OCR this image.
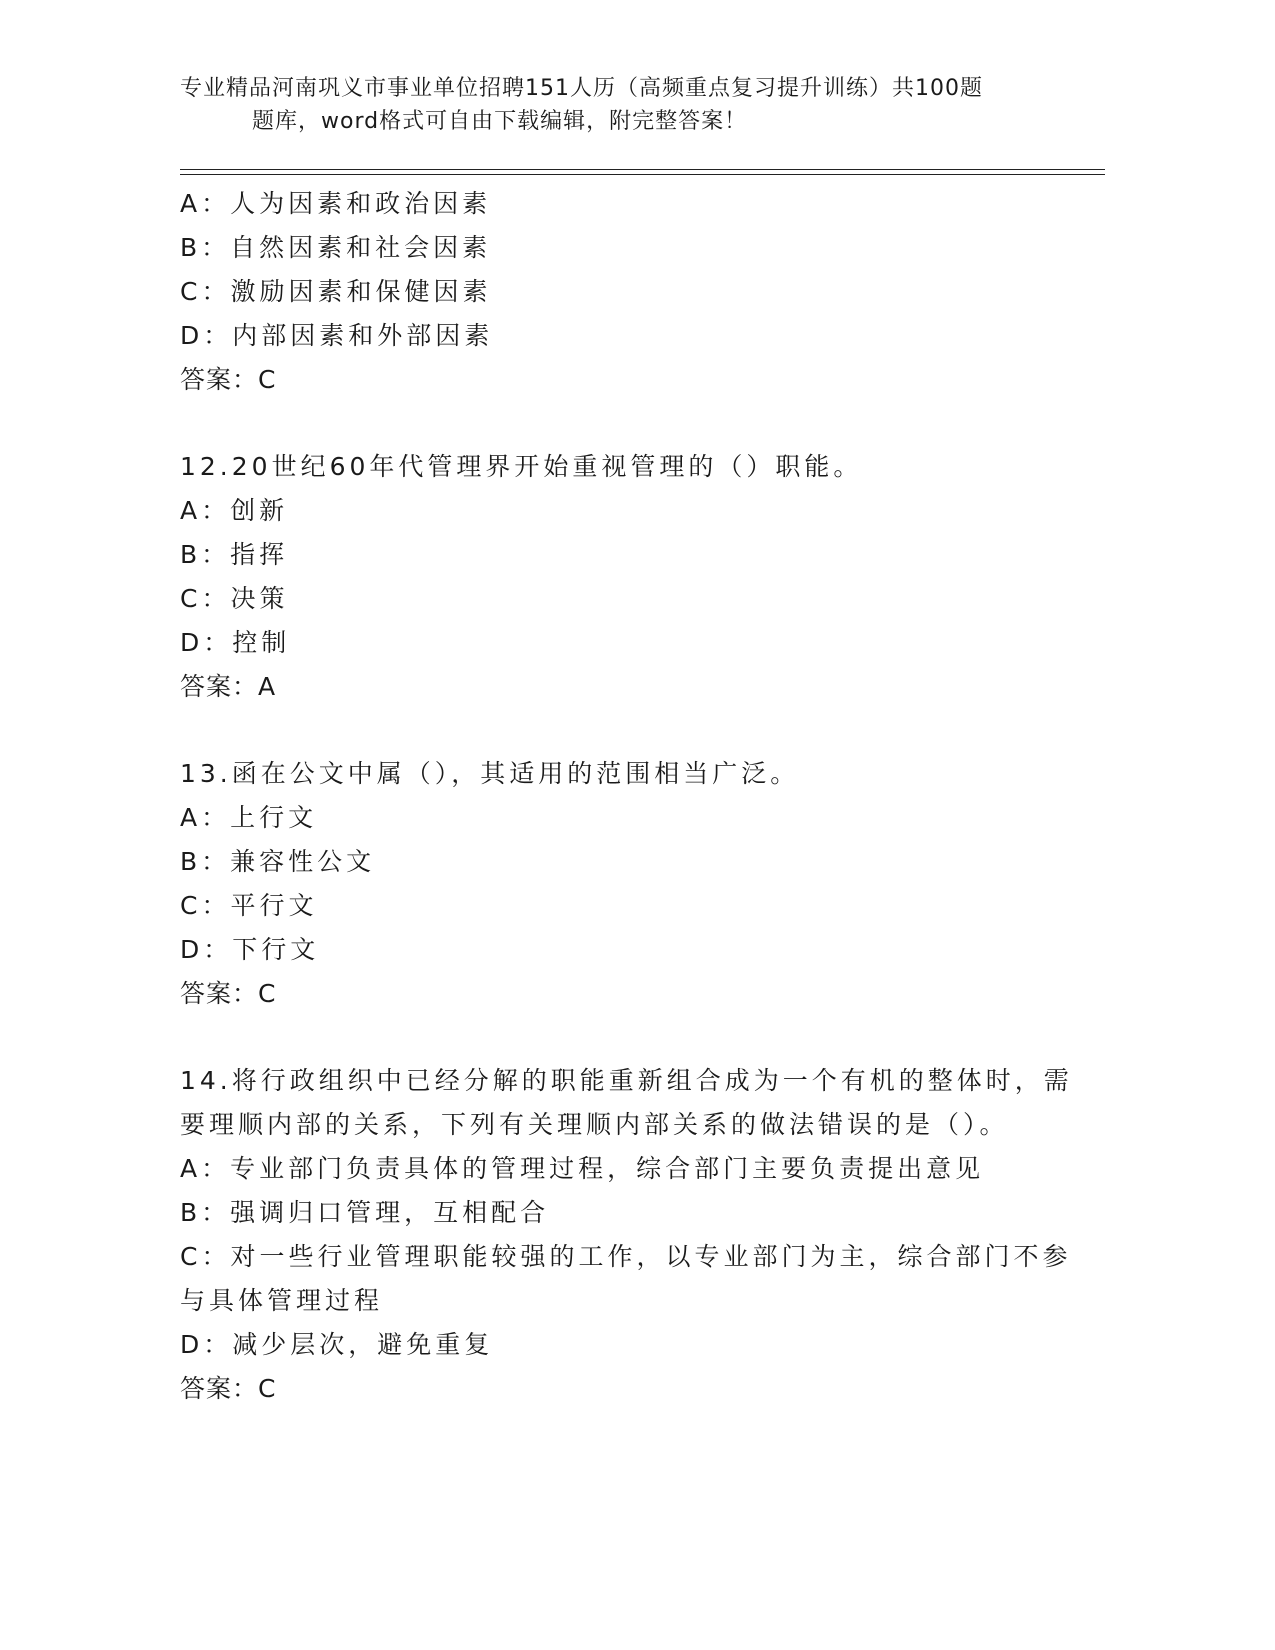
专业精品河南巩义市事业单位招聘151人历（高频重点复习提升训练）共100题
题库，word格式可自由下载编辑，附完整答案！
A：人为因素和政治因素
B：自然因素和社会因素
C：激励因素和保健因素
D：内部因素和外部因素
答案：C
12.20世纪60年代管理界开始重视管理的（）职能。
A：创新
B：指挥
C：决策
D：控制
答案：A
13.函在公文中属（），其适用的范围相当广泛。
A：上行文
B：兼容性公文
C：平行文
D：下行文
答案：C
14.将行政组织中已经分解的职能重新组合成为一个有机的整体时，需
要理顺内部的关系，下列有关理顺内部关系的做法错误的是（）。
A：专业部门负责具体的管理过程，综合部门主要负责提出意见
B：强调归口管理，互相配合
C：对一些行业管理职能较强的工作，以专业部门为主，综合部门不参
与具体管理过程
D：减少层次，避免重复
答案：C
